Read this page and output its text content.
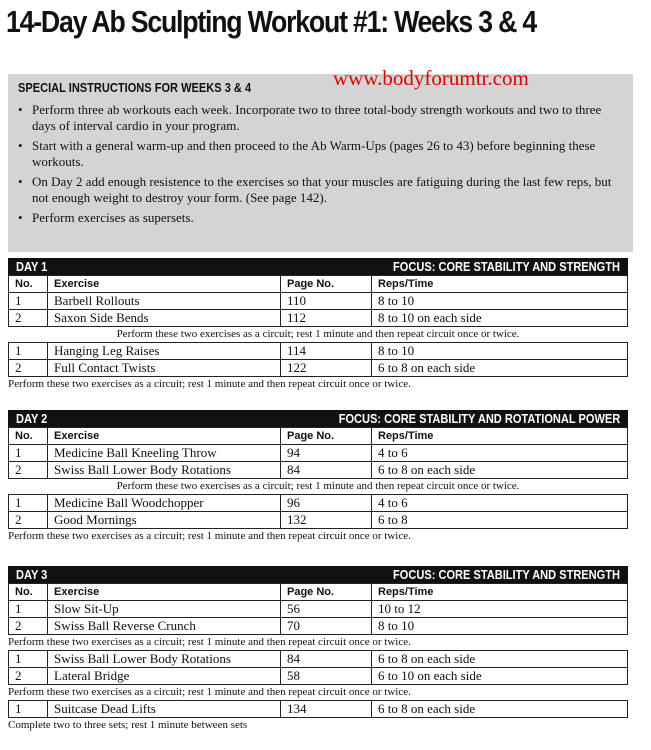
14-Day Ab Sculpting Workout #1: Weeks 3 & 4
SPECIAL INSTRUCTIONS FOR WEEKS 3 & 4	www.bodyforumtr.com
• Perform three ab workouts each week. Incorporate two to three total-body strength workouts and two to three days of interval cardio in your program.
• Start with a general warm-up and then proceed to the Ab Warm-Ups (pages 26 to 43) before beginning these workouts.
• On Day 2 add enough resistence to the exercises so that your muscles are fatiguing during the last few reps, but not enough weight to destroy your form. (See page 142).
• Perform exercises as supersets.
DAY 1	FOCUS: CORE STABILITY AND STRENGTH
No.	Exercise	Page No.	Reps/Time
1	Barbell Rollouts	110	8 to 10
2	Saxon Side Bends	112	8 to 10 on each side
Perform these two exercises as a circuit; rest 1 minute and then repeat circuit once or twice.
1	Hanging Leg Raises	114	8 to 10
2	Full Contact Twists	122	6 to 8 on each side
Perform these two exercises as a circuit; rest 1 minute and then repeat circuit once or twice.
DAY 2	FOCUS: CORE STABILITY AND ROTATIONAL POWER
No.	Exercise	Page No.	Reps/Time
1	Medicine Ball Kneeling Throw	94	4 to 6
2	Swiss Ball Lower Body Rotations	84	6 to 8 on each side
Perform these two exercises as a circuit; rest 1 minute and then repeat circuit once or twice.
1	Medicine Ball Woodchopper	96	4 to 6
2	Good Mornings	132	6 to 8
Perform these two exercises as a circuit; rest 1 minute and then repeat circuit once or twice.
DAY 3	FOCUS: CORE STABILITY AND STRENGTH
No.	Exercise	Page No.	Reps/Time
1	Slow Sit-Up	56	10 to 12
2	Swiss Ball Reverse Crunch	70	8 to 10
Perform these two exercises as a circuit; rest 1 minute and then repeat circuit once or twice.
1	Swiss Ball Lower Body Rotations	84	6 to 8 on each side
2	Lateral Bridge	58	6 to 10 on each side
Perform these two exercises as a circuit; rest 1 minute and then repeat circuit once or twice.
1	Suitcase Dead Lifts	134	6 to 8 on each side
Complete two to three sets; rest 1 minute between sets
